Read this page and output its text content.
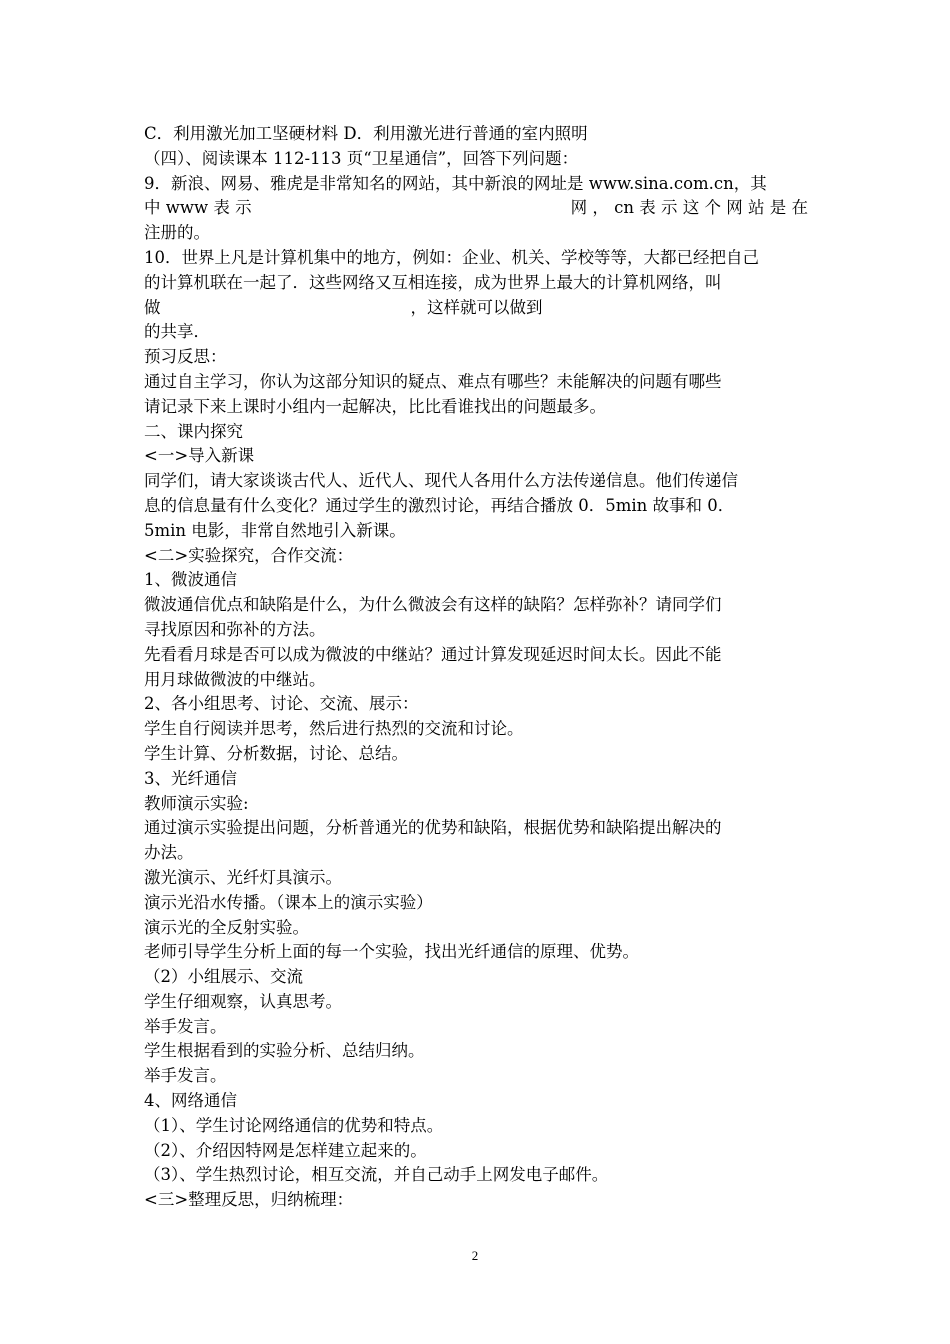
C．利用激光加工坚硬材料 D．利用激光进行普通的室内照明
（四）、阅读课本 112-113 页“卫星通信”，回答下列问题：
9．新浪、网易、雅虎是非常知名的网站，其中新浪的网址是 www.sina.com.cn，其
中 www 表 示	网 ， cn 表 示 这 个 网 站 是 在
注册的。
10．世界上凡是计算机集中的地方，例如：企业、机关、学校等等，大都已经把自己
的计算机联在一起了．这些网络又互相连接，成为世界上最大的计算机网络，叫
做	，这样就可以做到
的共享．
预习反思：
通过自主学习，你认为这部分知识的疑点、难点有哪些？未能解决的问题有哪些
请记录下来上课时小组内一起解决，比比看谁找出的问题最多。
二、课内探究
<一>导入新课
同学们，请大家谈谈古代人、近代人、现代人各用什么方法传递信息。他们传递信
息的信息量有什么变化？通过学生的激烈讨论，再结合播放 0．5min 故事和 0．
5min 电影，非常自然地引入新课。
<二>实验探究，合作交流：
1、微波通信
微波通信优点和缺陷是什么，为什么微波会有这样的缺陷？怎样弥补？请同学们
寻找原因和弥补的方法。
先看看月球是否可以成为微波的中继站？通过计算发现延迟时间太长。因此不能
用月球做微波的中继站。
2、各小组思考、讨论、交流、展示：
学生自行阅读并思考，然后进行热烈的交流和讨论。
学生计算、分析数据，讨论、总结。
3、光纤通信
教师演示实验:
通过演示实验提出问题，分析普通光的优势和缺陷，根据优势和缺陷提出解决的
办法。
激光演示、光纤灯具演示。
演示光沿水传播。（课本上的演示实验）
演示光的全反射实验。
老师引导学生分析上面的每一个实验，找出光纤通信的原理、优势。
（2）小组展示、交流
学生仔细观察，认真思考。
举手发言。
学生根据看到的实验分析、总结归纳。
举手发言。
4、网络通信
（1）、学生讨论网络通信的优势和特点。
（2）、介绍因特网是怎样建立起来的。
（3）、学生热烈讨论，相互交流，并自己动手上网发电子邮件。
<三>整理反思，归纳梳理：
2
